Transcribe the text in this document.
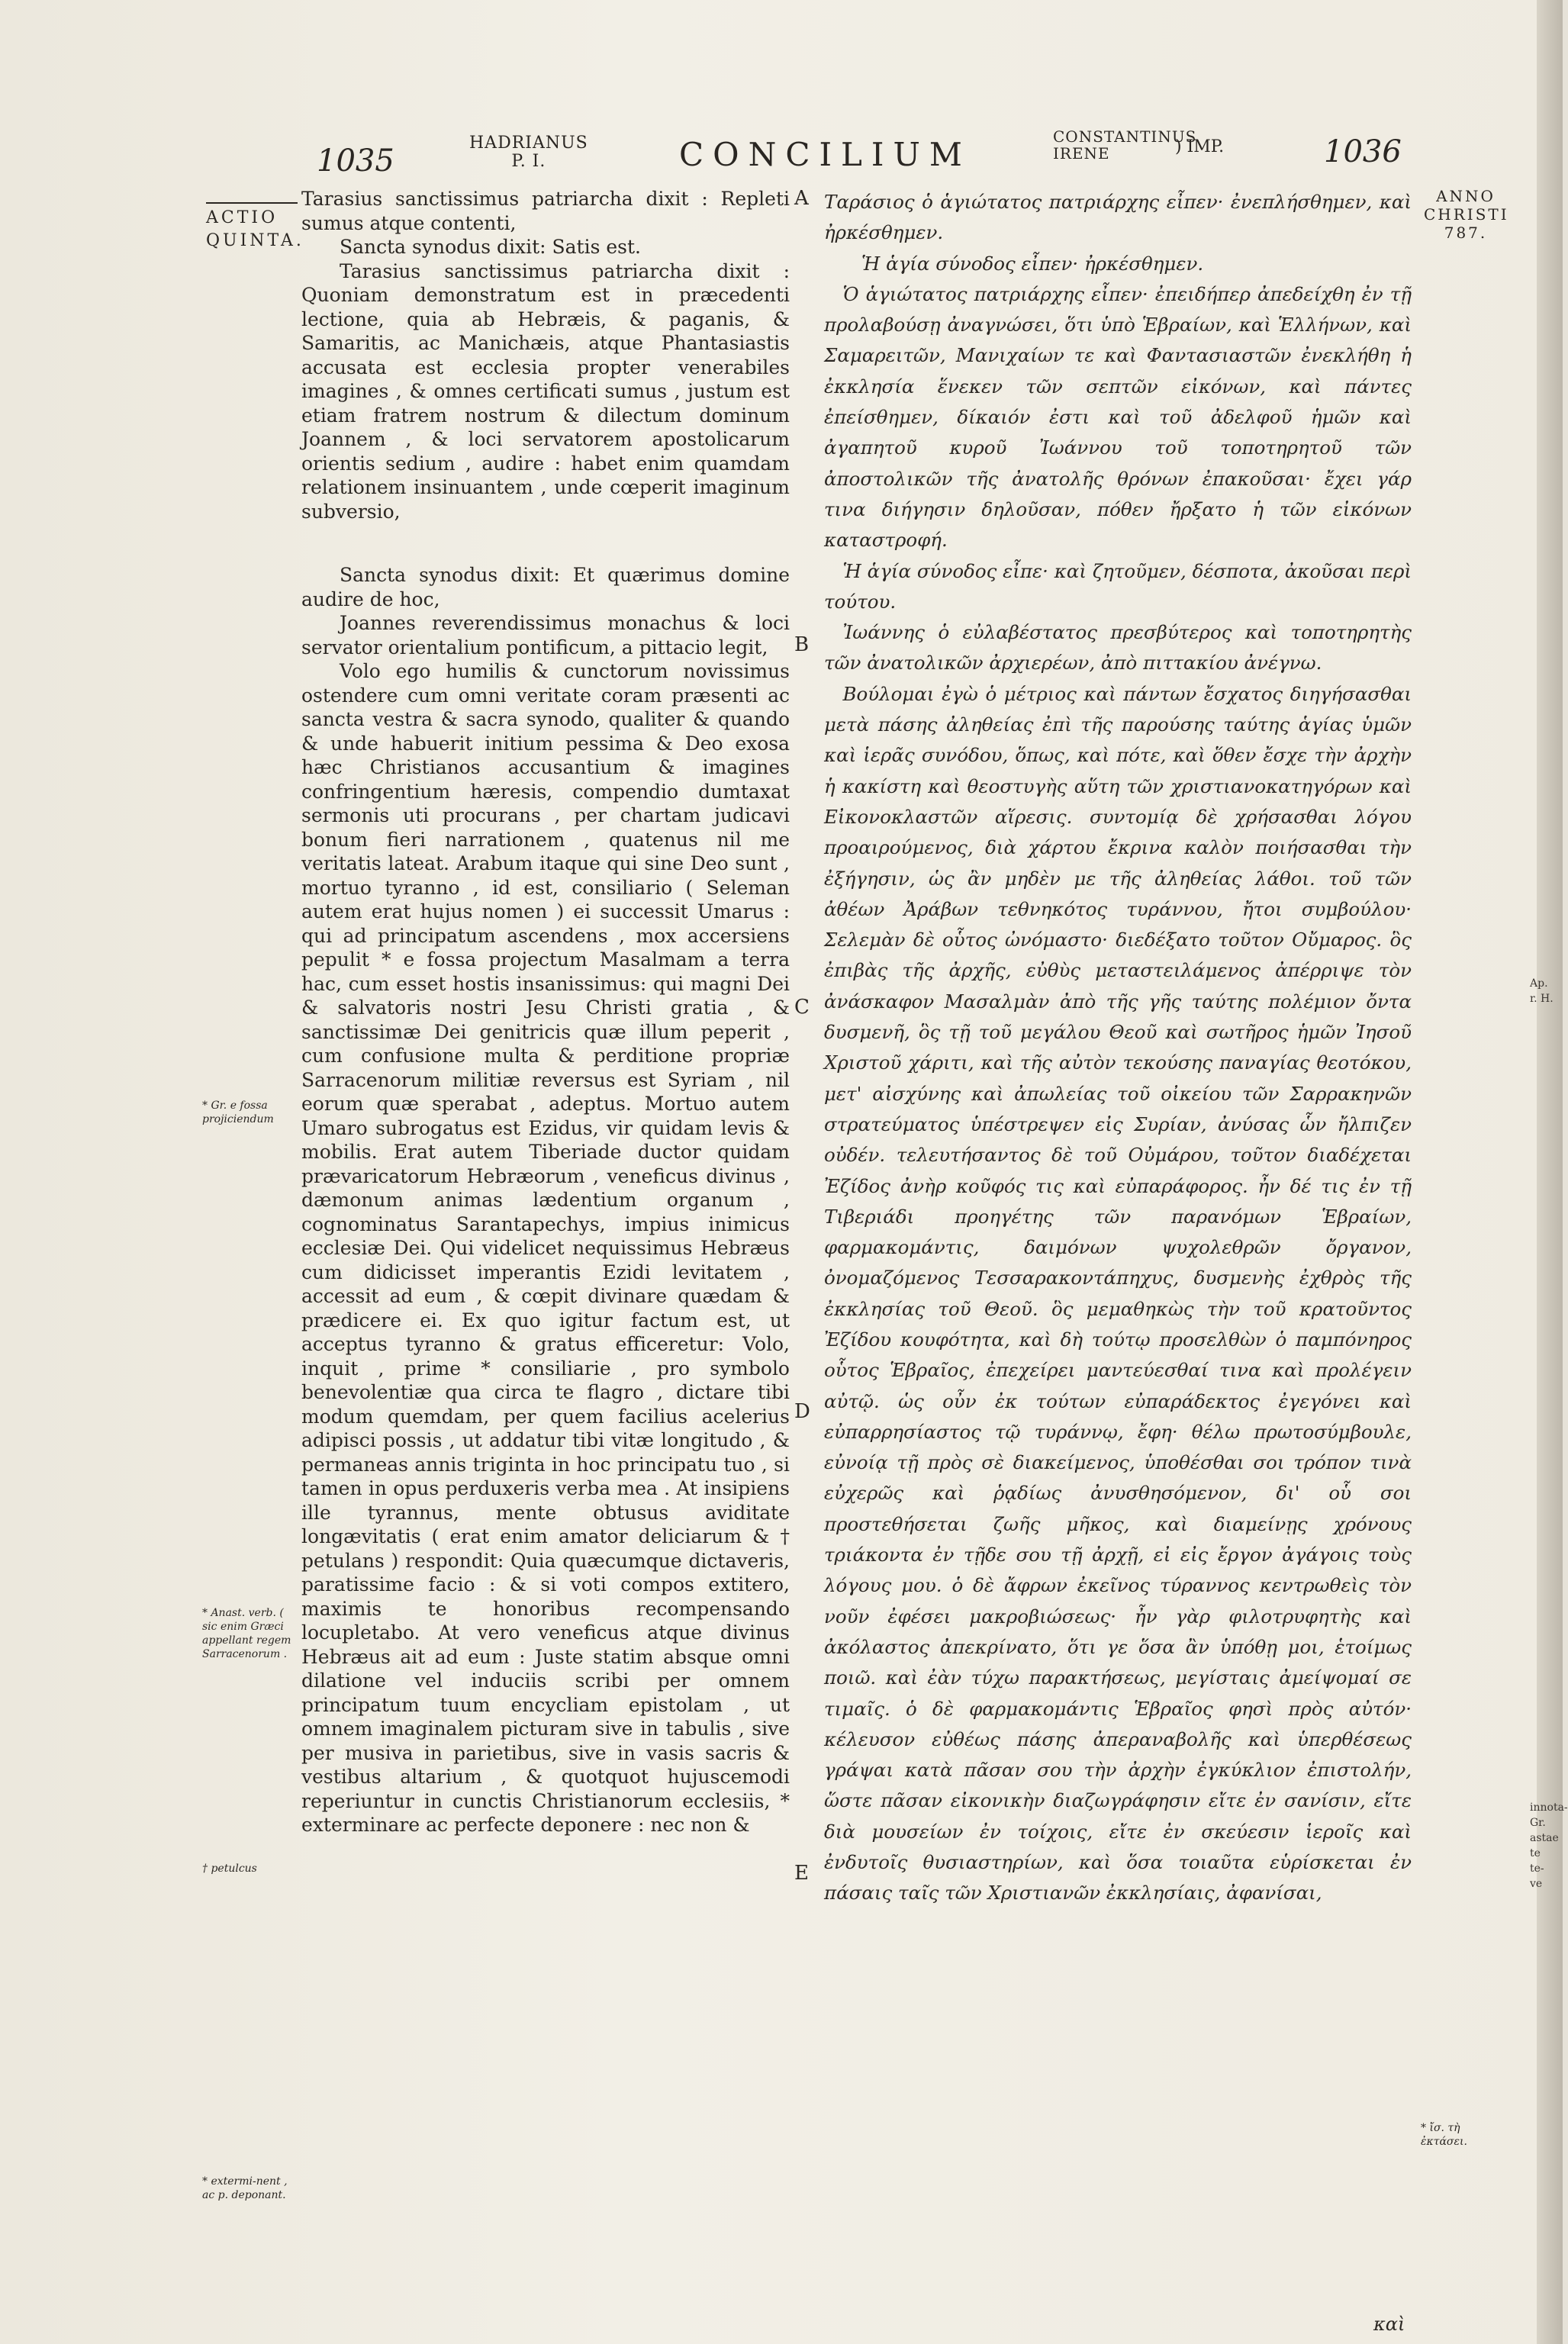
1035
HADRIANUS
P. I.	CONCILIUM	CONSTANTINUS
IRENE	) IMP.	1036
ACTIO
QUINTA.
ANNO
CHRISTI
787.

Tarasius sanctissimus patriarcha dixit : Repleti sumus atque contenti,

Sancta synodus dixit: Satis est.

Tarasius sanctissimus patriarcha dixit : Quoniam demonstratum est in præcedenti lectione, quia ab Hebræis, & paganis, & Samaritis, ac Manichæis, atque Phantasiastis accusata est ecclesia propter venerabiles imagines , & omnes certificati sumus , justum est etiam fratrem nostrum & dilectum dominum Joannem , & loci servatorem apostolicarum orientis sedium , audire : habet enim quamdam relationem insinuantem , unde cœperit imaginum subversio,

Sancta synodus dixit: Et quærimus domine audire de hoc,

Joannes reverendissimus monachus & loci servator orientalium pontificum, a pittacio legit,

Volo ego humilis & cunctorum novissimus ostendere cum omni veritate coram præsenti ac sancta vestra & sacra synodo, qualiter & quando & unde habuerit initium pessima & Deo exosa hæc Christianos accusantium & imagines confringentium hæresis, compendio dumtaxat sermonis uti procurans , per chartam judicavi bonum fieri narrationem , quatenus nil me veritatis lateat. Arabum itaque qui sine Deo sunt , mortuo tyranno , id est, consiliario ( Seleman autem erat hujus nomen ) ei successit Umarus : qui ad principatum ascendens , mox accersiens pepulit * e fossa projectum Masalmam a terra hac, cum esset hostis insanissimus: qui magni Dei & salvatoris nostri Jesu Christi gratia , & sanctissimæ Dei genitricis quæ illum peperit , cum confusione multa & perditione propriæ Sarracenorum militiæ reversus est Syriam , nil eorum quæ sperabat , adeptus. Mortuo autem Umaro subrogatus est Ezidus, vir quidam levis & mobilis. Erat autem Tiberiade ductor quidam prævaricatorum Hebræorum , veneficus divinus , dæmonum animas lædentium organum , cognominatus Sarantapechys, impius inimicus ecclesiæ Dei. Qui videlicet nequissimus Hebræus cum didicisset imperantis Ezidi levitatem , accessit ad eum , & cœpit divinare quædam & prædicere ei. Ex quo igitur factum est, ut acceptus tyranno & gratus efficeretur: Volo, inquit , prime * consiliarie , pro symbolo benevolentiæ qua circa te flagro , dictare tibi modum quemdam, per quem facilius acelerius adipisci possis , ut addatur tibi vitæ longitudo , & permaneas annis triginta in hoc principatu tuo , si tamen in opus perduxeris verba mea . At insipiens ille tyrannus, mente obtusus aviditate longævitatis ( erat enim amator deliciarum & † petulans ) respondit: Quia quæcumque dictaveris, paratissime facio : & si voti compos extitero, maximis te honoribus recompensando locupletabo. At vero veneficus atque divinus Hebræus ait ad eum : Juste statim absque omni dilatione vel induciis scribi per omnem principatum tuum encycliam epistolam , ut omnem imaginalem picturam sive in tabulis , sive per musiva in parietibus, sive in vasis sacris & vestibus altarium , & quotquot hujuscemodi reperiuntur in cunctis Christianorum ecclesiis, * exterminare ac perfecte deponere : nec non &

A
B
C
D
E

Ταράσιος ὁ ἁγιώτατος πατριάρχης εἶπεν· ἐνεπλήσθημεν, καὶ ἠρκέσθημεν.

Ἡ ἁγία σύνοδος εἶπεν· ἠρκέσθημεν.

Ὁ ἁγιώτατος πατριάρχης εἶπεν· ἐπειδήπερ ἀπεδείχθη ἐν τῇ προλαβούσῃ ἀναγνώσει, ὅτι ὑπὸ Ἑβραίων, καὶ Ἑλλήνων, καὶ Σαμαρειτῶν, Μανιχαίων τε καὶ Φαντασιαστῶν ἐνεκλήθη ἡ ἐκκλησία ἕνεκεν τῶν σεπτῶν εἰκόνων, καὶ πάντες ἐπείσθημεν, δίκαιόν ἐστι καὶ τοῦ ἀδελφοῦ ἡμῶν καὶ ἀγαπητοῦ κυροῦ Ἰωάννου τοῦ τοποτηρητοῦ τῶν ἀποστολικῶν τῆς ἀνατολῆς θρόνων ἐπακοῦσαι· ἔχει γάρ τινα διήγησιν δηλοῦσαν, πόθεν ἤρξατο ἡ τῶν εἰκόνων καταστροφή.

Ἡ ἁγία σύνοδος εἶπε· καὶ ζητοῦμεν, δέσποτα, ἀκοῦσαι περὶ τούτου.

Ἰωάννης ὁ εὐλαβέστατος πρεσβύτερος καὶ τοποτηρητὴς τῶν ἀνατολικῶν ἀρχιερέων, ἀπὸ πιττακίου ἀνέγνω.

Βούλομαι ἐγὼ ὁ μέτριος καὶ πάντων ἔσχατος διηγήσασθαι μετὰ πάσης ἀληθείας ἐπὶ τῆς παρούσης ταύτης ἁγίας ὑμῶν καὶ ἱερᾶς συνόδου, ὅπως, καὶ πότε, καὶ ὅθεν ἔσχε τὴν ἀρχὴν ἡ κακίστη καὶ θεοστυγὴς αὕτη τῶν χριστιανοκατηγόρων καὶ Εἰκονοκλαστῶν αἵρεσις. συντομίᾳ δὲ χρήσασθαι λόγου προαιρούμενος, διὰ χάρτου ἔκρινα καλὸν ποιήσασθαι τὴν ἐξήγησιν, ὡς ἂν μηδὲν με τῆς ἀληθείας λάθοι. τοῦ τῶν ἀθέων Ἀράβων τεθνηκότος τυράννου, ἤτοι συμβούλου· Σελεμὰν δὲ οὗτος ὠνόμαστο· διεδέξατο τοῦτον Οὔμαρος. ὃς ἐπιβὰς τῆς ἀρχῆς, εὐθὺς μεταστειλάμενος ἀπέρριψε τὸν ἀνάσκαφον Μασαλμὰν ἀπὸ τῆς γῆς ταύτης πολέμιον ὄντα δυσμενῆ, ὃς τῇ τοῦ μεγάλου Θεοῦ καὶ σωτῆρος ἡμῶν Ἰησοῦ Χριστοῦ χάριτι, καὶ τῆς αὐτὸν τεκούσης παναγίας θεοτόκου, μετ' αἰσχύνης καὶ ἀπωλείας τοῦ οἰκείου τῶν Σαρρακηνῶν στρατεύματος ὑπέστρεψεν εἰς Συρίαν, ἀνύσας ὧν ἤλπιζεν οὐδέν. τελευτήσαντος δὲ τοῦ Οὐμάρου, τοῦτον διαδέχεται Ἐζίδος ἀνὴρ κοῦφός τις καὶ εὐπαράφορος. ἦν δέ τις ἐν τῇ Τιβεριάδι προηγέτης τῶν παρανόμων Ἑβραίων, φαρμακομάντις, δαιμόνων ψυχολεθρῶν ὄργανον, ὀνομαζόμενος Τεσσαρακοντάπηχυς, δυσμενὴς ἐχθρὸς τῆς ἐκκλησίας τοῦ Θεοῦ. ὃς μεμαθηκὼς τὴν τοῦ κρατοῦντος Ἐζίδου κουφότητα, καὶ δὴ τούτῳ προσελθὼν ὁ παμπόνηρος οὗτος Ἑβραῖος, ἐπεχείρει μαντεύεσθαί τινα καὶ προλέγειν αὐτῷ. ὡς οὖν ἐκ τούτων εὐπαράδεκτος ἐγεγόνει καὶ εὐπαρρησίαστος τῷ τυράννῳ, ἔφη· θέλω πρωτοσύμβουλε, εὐνοίᾳ τῇ πρὸς σὲ διακείμενος, ὑποθέσθαι σοι τρόπον τινὰ εὐχερῶς καὶ ῥᾳδίως ἀνυσθησόμενον, δι' οὗ σοι προστεθήσεται ζωῆς μῆκος, καὶ διαμείνῃς χρόνους τριάκοντα ἐν τῇδε σου τῇ ἀρχῇ, εἰ εἰς ἔργον ἀγάγοις τοὺς λόγους μου. ὁ δὲ ἄφρων ἐκεῖνος τύραννος κεντρωθεὶς τὸν νοῦν ἐφέσει μακροβιώσεως· ἦν γὰρ φιλοτρυφητὴς καὶ ἀκόλαστος ἀπεκρίνατο, ὅτι γε ὅσα ἂν ὑπόθῃ μοι, ἑτοίμως ποιῶ. καὶ ἐὰν τύχω παρακτήσεως, μεγίσταις ἀμείψομαί σε τιμαῖς. ὁ δὲ φαρμακομάντις Ἑβραῖος φησὶ πρὸς αὐτόν· κέλευσον εὐθέως πάσης ἀπεραναβολῆς καὶ ὑπερθέσεως γράψαι κατὰ πᾶσαν σου τὴν ἀρχὴν ἐγκύκλιον ἐπιστολήν, ὥστε πᾶσαν εἰκονικὴν διαζωγράφησιν εἴτε ἐν σανίσιν, εἴτε διὰ μουσείων ἐν τοίχοις, εἴτε ἐν σκεύεσιν ἱεροῖς καὶ ἐνδυτοῖς θυσιαστηρίων, καὶ ὅσα τοιαῦτα εὑρίσκεται ἐν πάσαις ταῖς τῶν Χριστιανῶν ἐκκλησίαις, ἀφανίσαι,

* Gr. e fossa projiciendum
* Anast. verb. ( sic enim Græci appellant regem Sarracenorum .
† petulcus
* extermi-nent , ac p. deponant.
* ἴσ. τὴ ἐκτάσει.
καὶ
Ap.
r. H.
innota-
Gr.
astae
te
te-
ve
